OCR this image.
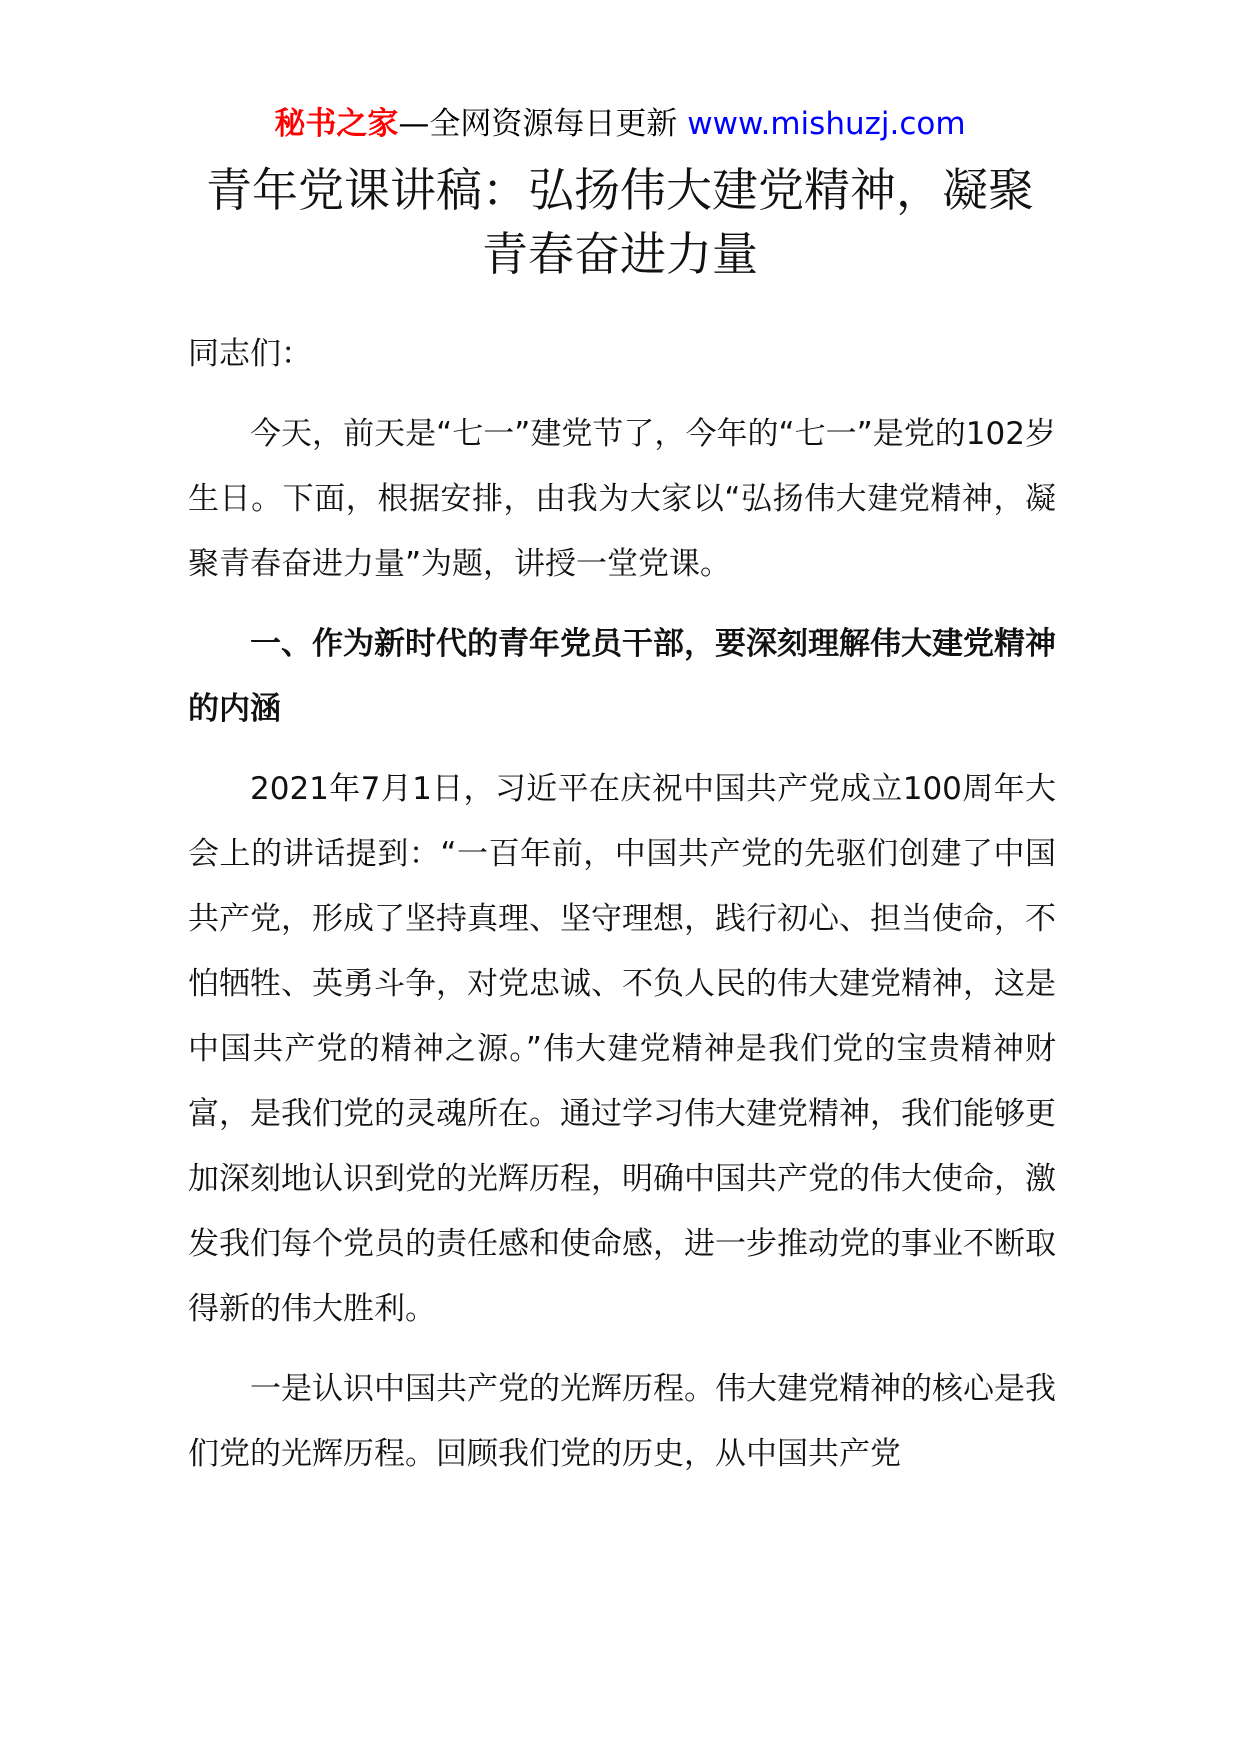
秘书之家—全网资源每日更新 www.mishuzj.com
青年党课讲稿：弘扬伟大建党精神，凝聚
青春奋进力量

同志们：

今天，前天是“七一”建党节了，今年的“七一”是党的102岁生日。下面，根据安排，由我为大家以“弘扬伟大建党精神，凝聚青春奋进力量”为题，讲授一堂党课。

一、作为新时代的青年党员干部，要深刻理解伟大建党精神的内涵

2021年7月1日，习近平在庆祝中国共产党成立100周年大会上的讲话提到：“一百年前，中国共产党的先驱们创建了中国共产党，形成了坚持真理、坚守理想，践行初心、担当使命，不怕牺牲、英勇斗争，对党忠诚、不负人民的伟大建党精神，这是中国共产党的精神之源。”伟大建党精神是我们党的宝贵精神财富，是我们党的灵魂所在。通过学习伟大建党精神，我们能够更加深刻地认识到党的光辉历程，明确中国共产党的伟大使命，激发我们每个党员的责任感和使命感，进一步推动党的事业不断取得新的伟大胜利。

一是认识中国共产党的光辉历程。伟大建党精神的核心是我们党的光辉历程。回顾我们党的历史，从中国共产党
